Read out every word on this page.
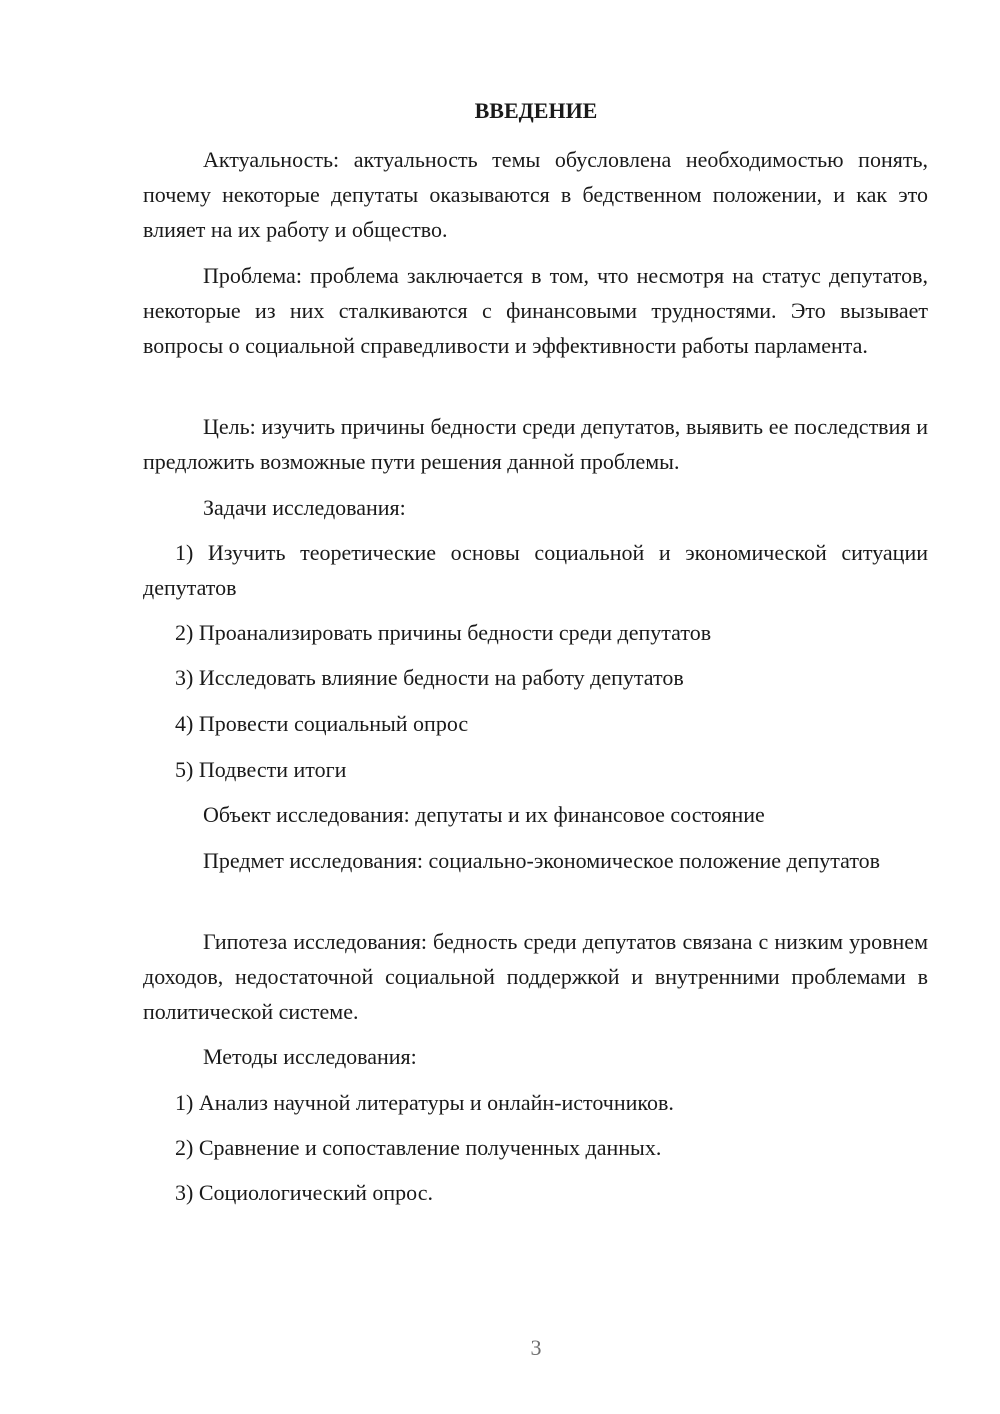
ВВЕДЕНИЕ
Актуальность: актуальность темы обусловлена необходимостью понять, почему некоторые депутаты оказываются в бедственном положении, и как это влияет на их работу и общество.
Проблема: проблема заключается в том, что несмотря на статус депутатов, некоторые из них сталкиваются с финансовыми трудностями. Это вызывает вопросы о социальной справедливости и эффективности работы парламента.
Цель: изучить причины бедности среди депутатов, выявить ее последствия и предложить возможные пути решения данной проблемы.
Задачи исследования:
1) Изучить теоретические основы социальной и экономической ситуации депутатов
2) Проанализировать причины бедности среди депутатов
3) Исследовать влияние бедности на работу депутатов
4) Провести социальный опрос
5) Подвести итоги
Объект исследования: депутаты и их финансовое состояние
Предмет исследования: социально-экономическое положение депутатов
Гипотеза исследования: бедность среди депутатов связана с низким уровнем доходов, недостаточной социальной поддержкой и внутренними проблемами в политической системе.
Методы исследования:
1) Анализ научной литературы и онлайн-источников.
2) Сравнение и сопоставление полученных данных.
3) Социологический опрос.
3
